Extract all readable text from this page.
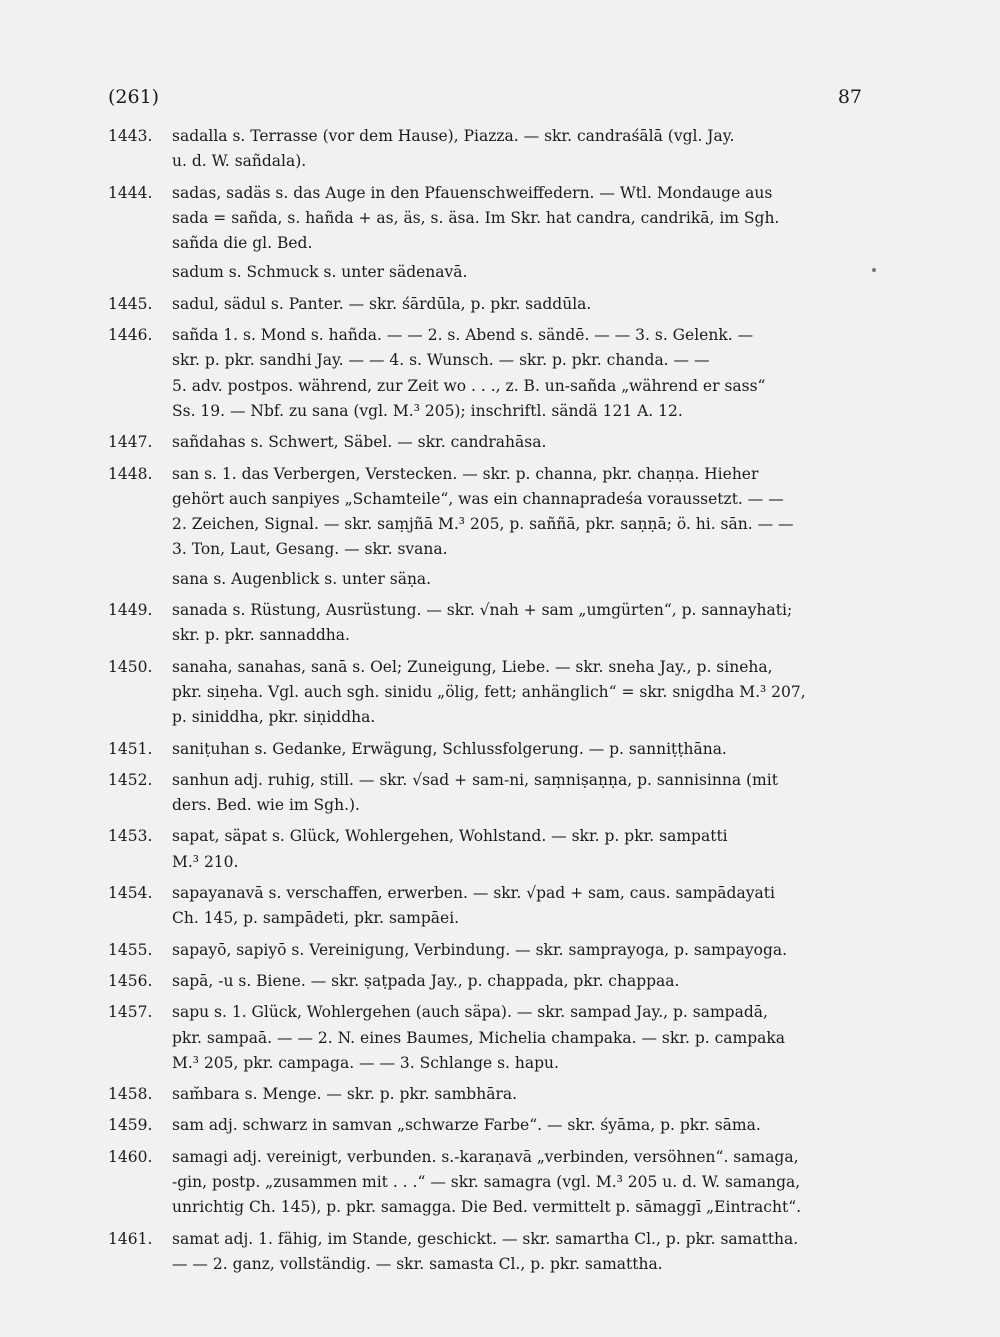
(261)	87
1443.	sadalla s. Terrasse (vor dem Hause), Piazza. — skr. candraśālā (vgl. Jay.
u. d. W. sañdala).
1444.	sadas, sadäs s. das Auge in den Pfauenschweiffedern. — Wtl. Mondauge aus
sada = sañda, s. hañda + as, äs, s. äsa. Im Skr. hat candra, candrikā, im Sgh.
sañda die gl. Bed.
sadum s. Schmuck s. unter sädenavā.
1445.	sadul, sädul s. Panter. — skr. śārdūla, p. pkr. saddūla.
1446.	sañda 1. s. Mond s. hañda. — — 2. s. Abend s. sändē. — — 3. s. Gelenk. —
skr. p. pkr. sandhi Jay. — — 4. s. Wunsch. — skr. p. pkr. chanda. — —
5. adv. postpos. während, zur Zeit wo . . ., z. B. un-sañda „während er sass“
Ss. 19. — Nbf. zu sana (vgl. M.³ 205); inschriftl. sändä 121 A. 12.
1447.	sañdahas s. Schwert, Säbel. — skr. candrahāsa.
1448.	san s. 1. das Verbergen, Verstecken. — skr. p. channa, pkr. chaṇṇa. Hieher
gehört auch sanpiyes „Schamteile“, was ein channapradeśa voraussetzt. — —
2. Zeichen, Signal. — skr. saṃjñā M.³ 205, p. saññā, pkr. saṇṇā; ö. hi. sān. — —
3. Ton, Laut, Gesang. — skr. svana.
sana s. Augenblick s. unter säṇa.
1449.	sanada s. Rüstung, Ausrüstung. — skr. √nah + sam „umgürten“, p. sannayhati;
skr. p. pkr. sannaddha.
1450.	sanaha, sanahas, sanā s. Oel; Zuneigung, Liebe. — skr. sneha Jay., p. sineha,
pkr. siṇeha. Vgl. auch sgh. sinidu „ölig, fett; anhänglich“ = skr. snigdha M.³ 207,
p. siniddha, pkr. siṇiddha.
1451.	saniṭuhan s. Gedanke, Erwägung, Schlussfolgerung. — p. sanniṭṭhāna.
1452.	sanhun adj. ruhig, still. — skr. √sad + sam-ni, saṃniṣaṇṇa, p. sannisinna (mit
ders. Bed. wie im Sgh.).
1453.	sapat, säpat s. Glück, Wohlergehen, Wohlstand. — skr. p. pkr. sampatti
M.³ 210.
1454.	sapayanavā s. verschaffen, erwerben. — skr. √pad + sam, caus. sampādayati
Ch. 145, p. sampādeti, pkr. sampāei.
1455.	sapayō, sapiyō s. Vereinigung, Verbindung. — skr. samprayoga, p. sampayoga.
1456.	sapā, -u s. Biene. — skr. ṣaṭpada Jay., p. chappada, pkr. chappaa.
1457.	sapu s. 1. Glück, Wohlergehen (auch säpa). — skr. sampad Jay., p. sampadā,
pkr. sampaā. — — 2. N. eines Baumes, Michelia champaka. — skr. p. campaka
M.³ 205, pkr. campaga. — — 3. Schlange s. hapu.
1458.	sam̆bara s. Menge. — skr. p. pkr. sambhāra.
1459.	sam adj. schwarz in samvan „schwarze Farbe“. — skr. śyāma, p. pkr. sāma.
1460.	samagi adj. vereinigt, verbunden. s.-karaṇavā „verbinden, versöhnen“. samaga,
-gin, postp. „zusammen mit . . .“ — skr. samagra (vgl. M.³ 205 u. d. W. samanga,
unrichtig Ch. 145), p. pkr. samagga. Die Bed. vermittelt p. sāmaggī „Eintracht“.
1461.	samat adj. 1. fähig, im Stande, geschickt. — skr. samartha Cl., p. pkr. samattha.
— — 2. ganz, vollständig. — skr. samasta Cl., p. pkr. samattha.
